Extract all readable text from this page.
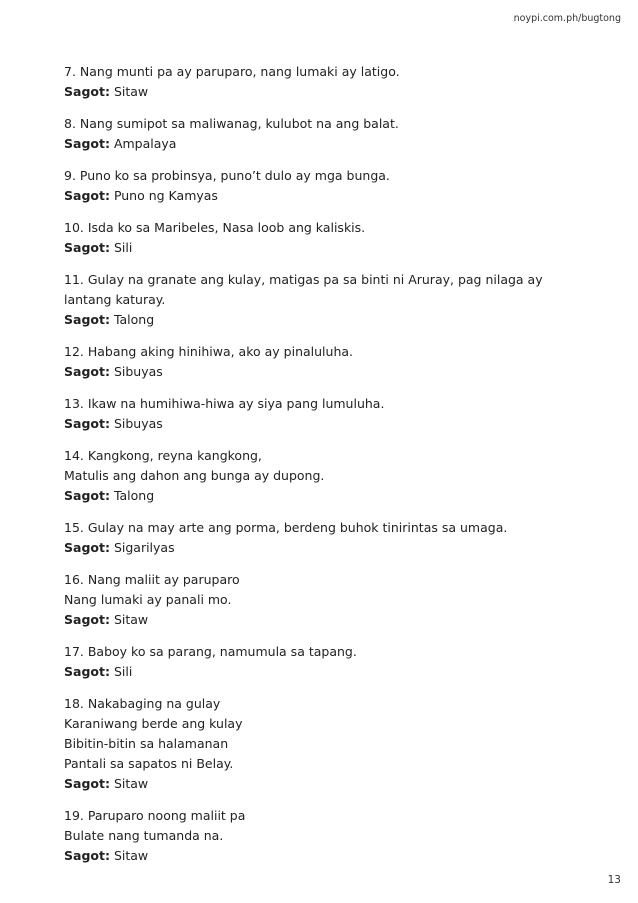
noypi.com.ph/bugtong
7. Nang munti pa ay paruparo, nang lumaki ay latigo.
Sagot: Sitaw
8. Nang sumipot sa maliwanag, kulubot na ang balat.
Sagot: Ampalaya
9. Puno ko sa probinsya, puno’t dulo ay mga bunga.
Sagot: Puno ng Kamyas
10. Isda ko sa Maribeles, Nasa loob ang kaliskis.
Sagot: Sili
11. Gulay na granate ang kulay, matigas pa sa binti ni Aruray, pag nilaga ay lantang katuray.
Sagot: Talong
12. Habang aking hinihiwa, ako ay pinaluluha.
Sagot: Sibuyas
13. Ikaw na humihiwa-hiwa ay siya pang lumuluha.
Sagot: Sibuyas
14. Kangkong, reyna kangkong,
Matulis ang dahon ang bunga ay dupong.
Sagot: Talong
15. Gulay na may arte ang porma, berdeng buhok tinirintas sa umaga.
Sagot: Sigarilyas
16. Nang maliit ay paruparo
Nang lumaki ay panali mo.
Sagot: Sitaw
17. Baboy ko sa parang, namumula sa tapang.
Sagot: Sili
18. Nakabaging na gulay
Karaniwang berde ang kulay
Bibitin-bitin sa halamanan
Pantali sa sapatos ni Belay.
Sagot: Sitaw
19. Paruparo noong maliit pa
Bulate nang tumanda na.
Sagot: Sitaw
13
